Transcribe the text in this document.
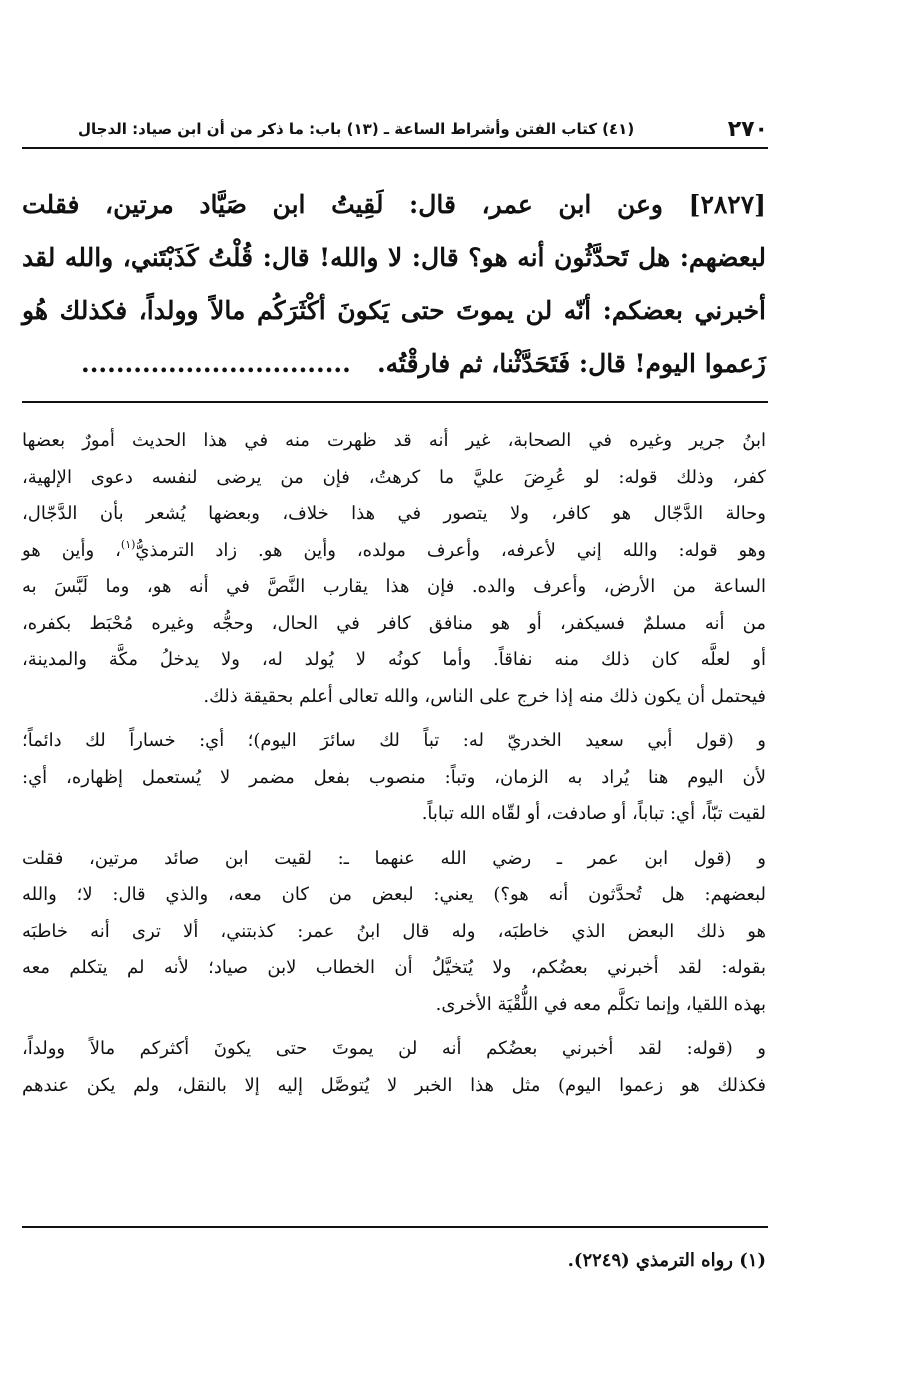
٢٧٠
(٤١) كتاب الفتن وأشراط الساعة ـ (١٣) باب: ما ذكر من أن ابن صياد: الدجال
[٢٨٢٧] وعن ابن عمر، قال: لَقِيتُ ابن صَيَّاد مرتين، فقلت
لبعضهم: هل تَحدَّثُون أنه هو؟ قال: لا والله! قال: قُلْتُ كَذَبْتَني، والله لقد
أخبرني بعضكم: أنّه لن يموتَ حتى يَكونَ أكْثَرَكُم مالاً وولداً، فكذلك هُو
زَعموا اليوم! قال: فَتَحَدَّثْنا، ثم فارقْتُه.   ...............................
ابنُ جرير وغيره في الصحابة، غير أنه قد ظهرت منه في هذا الحديث أمورٌ بعضها
كفر، وذلك قوله: لو عُرِضَ عليَّ ما كرهتُ، فإن من يرضى لنفسه دعوى الإلهية،
وحالة الدَّجّال هو كافر، ولا يتصور في هذا خلاف، وبعضها يُشعر بأن الدَّجّال،
وهو قوله: والله إني لأعرفه، وأعرف مولده، وأين هو. زاد الترمذيُّ$^{(١)}$، وأين هو
الساعة من الأرض، وأعرف والده. فإن هذا يقارب النَّصَّ في أنه هو، وما لَبَّسَ به
من أنه مسلمٌ فسيكفر، أو هو منافق كافر في الحال، وحجُّه وغيره مُحْبَط بكفره،
أو لعلَّه كان ذلك منه نفاقاً. وأما كونُه لا يُولد له، ولا يدخلُ مكَّة والمدينة،
فيحتمل أن يكون ذلك منه إذا خرج على الناس، والله تعالى أعلم بحقيقة ذلك.
و (قول أبي سعيد الخدريّ له: تباً لك سائرَ اليوم)؛ أي: خساراً لك دائماً؛
لأن اليوم هنا يُراد به الزمان، وتباً: منصوب بفعل مضمر لا يُستعمل إظهاره، أي:
لقيت تبّاً، أي: تباباً، أو صادفت، أو لقّاه الله تباباً.
و (قول ابن عمر ـ رضي الله عنهما ـ: لقيت ابن صائد مرتين، فقلت
لبعضهم: هل تُحدَّثون أنه هو؟) يعني: لبعض من كان معه، والذي قال: لا؛ والله
هو ذلك البعض الذي خاطبَه، وله قال ابنُ عمر: كذبتني، ألا ترى أنه خاطبَه
بقوله: لقد أخبرني بعضُكم، ولا يُتخيَّلُ أن الخطاب لابن صياد؛ لأنه لم يتكلم معه
بهذه اللقيا، وإنما تكلَّم معه في اللُّقْيَة الأخرى.
و (قوله: لقد أخبرني بعضُكم أنه لن يموتَ حتى يكونَ أكثركم مالاً وولداً،
فكذلك هو زعموا اليوم) مثل هذا الخبر لا يُتوصَّل إليه إلا بالنقل، ولم يكن عندهم
(١) رواه الترمذي (٢٢٤٩).
